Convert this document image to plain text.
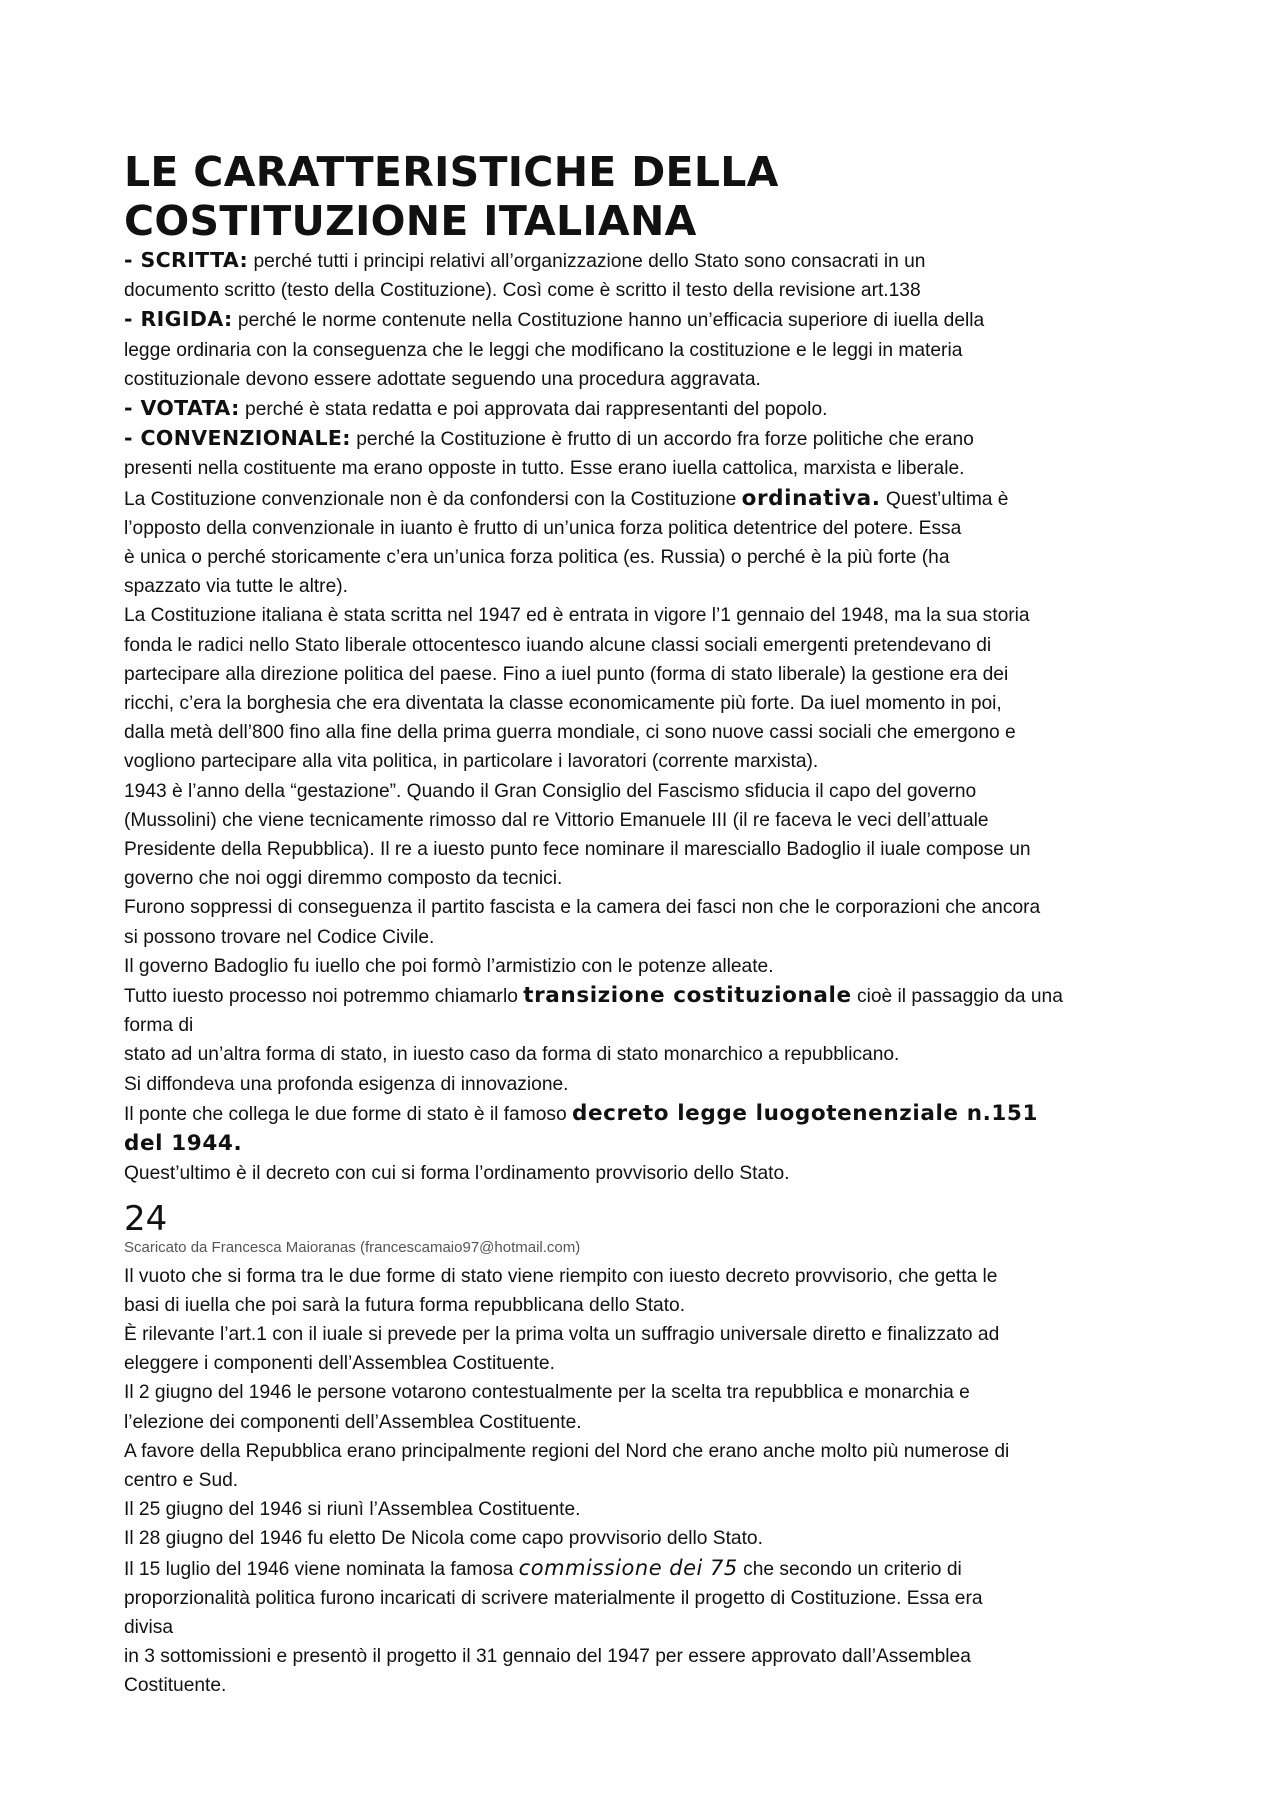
LE CARATTERISTICHE DELLA
COSTITUZIONE ITALIANA
- SCRITTA: perché tutti i principi relativi all’organizzazione dello Stato sono consacrati in un
documento scritto (testo della Costituzione). Così come è scritto il testo della revisione art.138
- RIGIDA: perché le norme contenute nella Costituzione hanno un’efficacia superiore di iuella della
legge ordinaria con la conseguenza che le leggi che modificano la costituzione e le leggi in materia
costituzionale devono essere adottate seguendo una procedura aggravata.
- VOTATA: perché è stata redatta e poi approvata dai rappresentanti del popolo.
- CONVENZIONALE: perché la Costituzione è frutto di un accordo fra forze politiche che erano
presenti nella costituente ma erano opposte in tutto. Esse erano iuella cattolica, marxista e liberale.
La Costituzione convenzionale non è da confondersi con la Costituzione ordinativa. Quest’ultima è
l’opposto della convenzionale in iuanto è frutto di un’unica forza politica detentrice del potere. Essa
è unica o perché storicamente c’era un’unica forza politica (es. Russia) o perché è la più forte (ha
spazzato via tutte le altre).
La Costituzione italiana è stata scritta nel 1947 ed è entrata in vigore l’1 gennaio del 1948, ma la sua storia
fonda le radici nello Stato liberale ottocentesco iuando alcune classi sociali emergenti pretendevano di
partecipare alla direzione politica del paese. Fino a iuel punto (forma di stato liberale) la gestione era dei
ricchi, c’era la borghesia che era diventata la classe economicamente più forte. Da iuel momento in poi,
dalla metà dell’800 fino alla fine della prima guerra mondiale, ci sono nuove cassi sociali che emergono e
vogliono partecipare alla vita politica, in particolare i lavoratori (corrente marxista).
1943 è l’anno della “gestazione”. Quando il Gran Consiglio del Fascismo sfiducia il capo del governo
(Mussolini) che viene tecnicamente rimosso dal re Vittorio Emanuele III (il re faceva le veci dell’attuale
Presidente della Repubblica). Il re a iuesto punto fece nominare il maresciallo Badoglio il iuale compose un
governo che noi oggi diremmo composto da tecnici.
Furono soppressi di conseguenza il partito fascista e la camera dei fasci non che le corporazioni che ancora
si possono trovare nel Codice Civile.
Il governo Badoglio fu iuello che poi formò l’armistizio con le potenze alleate.
Tutto iuesto processo noi potremmo chiamarlo transizione costituzionale cioè il passaggio da una
forma di
stato ad un’altra forma di stato, in iuesto caso da forma di stato monarchico a repubblicano.
Si diffondeva una profonda esigenza di innovazione.
Il ponte che collega le due forme di stato è il famoso decreto legge luogotenenziale n.151
del 1944.
Quest’ultimo è il decreto con cui si forma l’ordinamento provvisorio dello Stato.
24
Scaricato da Francesca Maioranas (francescamaio97@hotmail.com)
Il vuoto che si forma tra le due forme di stato viene riempito con iuesto decreto provvisorio, che getta le
basi di iuella che poi sarà la futura forma repubblicana dello Stato.
È rilevante l’art.1 con il iuale si prevede per la prima volta un suffragio universale diretto e finalizzato ad
eleggere i componenti dell’Assemblea Costituente.
Il 2 giugno del 1946 le persone votarono contestualmente per la scelta tra repubblica e monarchia e
l’elezione dei componenti dell’Assemblea Costituente.
A favore della Repubblica erano principalmente regioni del Nord che erano anche molto più numerose di
centro e Sud.
Il 25 giugno del 1946 si riunì l’Assemblea Costituente.
Il 28 giugno del 1946 fu eletto De Nicola come capo provvisorio dello Stato.
Il 15 luglio del 1946 viene nominata la famosa commissione dei 75 che secondo un criterio di
proporzionalità politica furono incaricati di scrivere materialmente il progetto di Costituzione. Essa era
divisa
in 3 sottomissioni e presentò il progetto il 31 gennaio del 1947 per essere approvato dall’Assemblea
Costituente.
